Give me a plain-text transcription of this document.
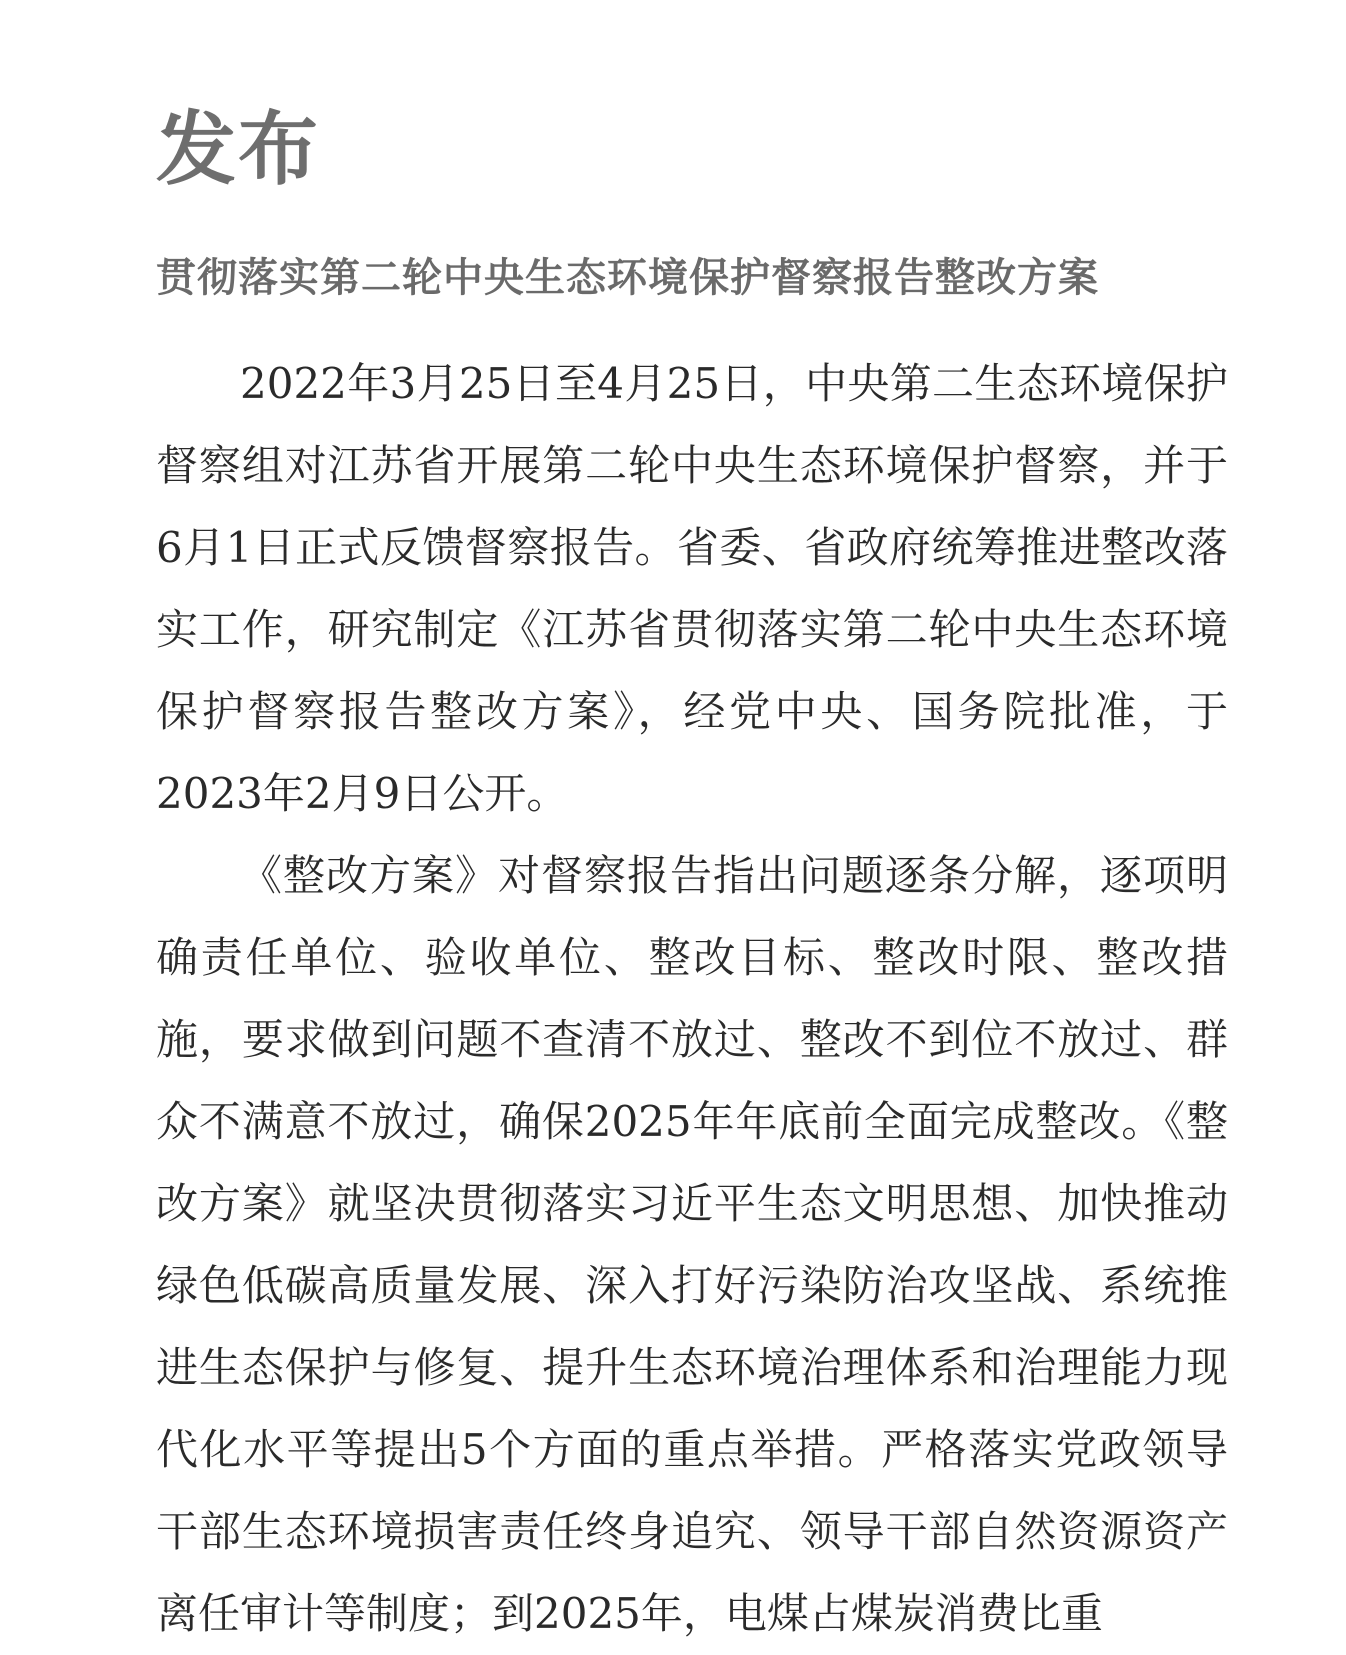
发布
贯彻落实第二轮中央生态环境保护督察报告整改方案

2022年3月25日至4月25日，中央第二生态环境保护督察组对江苏省开展第二轮中央生态环境保护督察，并于6月1日正式反馈督察报告。省委、省政府统筹推进整改落实工作，研究制定《江苏省贯彻落实第二轮中央生态环境保护督察报告整改方案》，经党中央、国务院批准，于2023年2月9日公开。

《整改方案》对督察报告指出问题逐条分解，逐项明确责任单位、验收单位、整改目标、整改时限、整改措施，要求做到问题不查清不放过、整改不到位不放过、群众不满意不放过，确保2025年年底前全面完成整改。《整改方案》就坚决贯彻落实习近平生态文明思想、加快推动绿色低碳高质量发展、深入打好污染防治攻坚战、系统推进生态保护与修复、提升生态环境治理体系和治理能力现代化水平等提出5个方面的重点举措。严格落实党政领导干部生态环境损害责任终身追究、领导干部自然资源资产离任审计等制度；到2025年，电煤占煤炭消费比重
